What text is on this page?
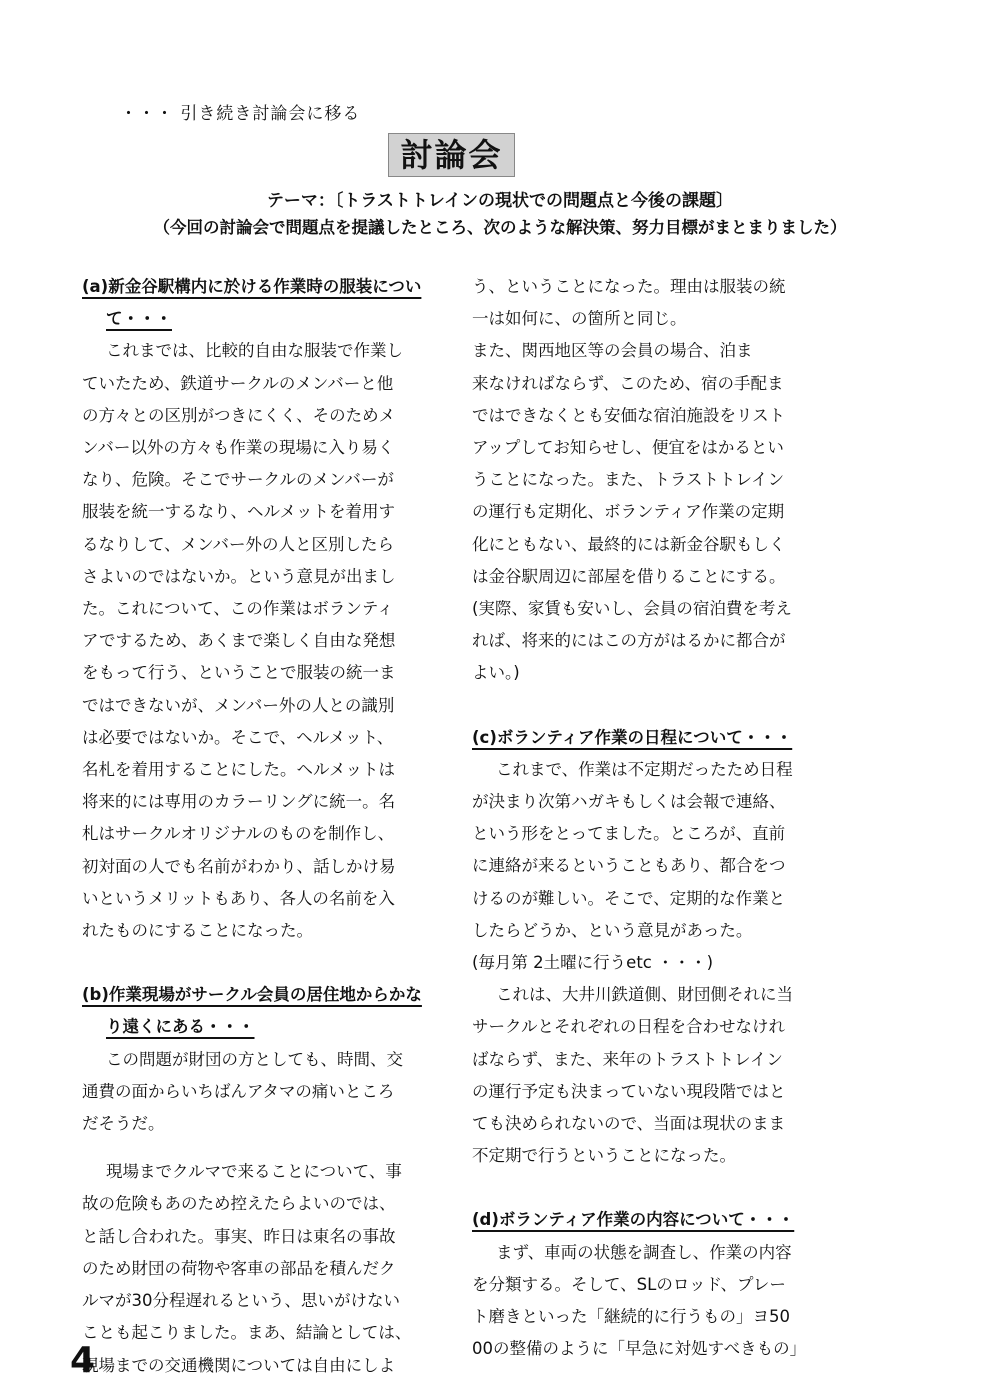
・・・ 引き続き討論会に移る
討論会
テーマ：〔トラストトレインの現状での問題点と今後の課題〕
（今回の討論会で問題点を提議したところ、次のような解決策、努力目標がまとまりました）
(a)新金谷駅構内に於ける作業時の服装につい
て・・・
これまでは、比較的自由な服装で作業し
ていたため、鉄道サークルのメンバーと他
の方々との区別がつきにくく、そのためメ
ンバー以外の方々も作業の現場に入り易く
なり、危険。そこでサークルのメンバーが
服装を統一するなり、ヘルメットを着用す
るなりして、メンバー外の人と区別したら
さよいのではないか。という意見が出まし
た。これについて、この作業はボランティ
アでするため、あくまで楽しく自由な発想
をもって行う、ということで服装の統一ま
ではできないが、メンバー外の人との識別
は必要ではないか。そこで、ヘルメット、
名札を着用することにした。ヘルメットは
将来的には専用のカラーリングに統一。名
札はサークルオリジナルのものを制作し、
初対面の人でも名前がわかり、話しかけ易
いというメリットもあり、各人の名前を入
れたものにすることになった。
(b)作業現場がサークル会員の居住地からかな
り遠くにある・・・
この問題が財団の方としても、時間、交
通費の面からいちばんアタマの痛いところ
だそうだ。
現場までクルマで来ることについて、事
故の危険もあのため控えたらよいのでは、
と話し合われた。事実、昨日は東名の事故
のため財団の荷物や客車の部品を積んだク
ルマが30分程遅れるという、思いがけない
ことも起こりました。まあ、結論としては、
現場までの交通機関については自由にしよ
う、ということになった。理由は服装の統
一は如何に、の箇所と同じ。
また、関西地区等の会員の場合、泊ま
来なければならず、このため、宿の手配ま
ではできなくとも安価な宿泊施設をリスト
アップしてお知らせし、便宜をはかるとい
うことになった。また、トラストトレイン
の運行も定期化、ボランティア作業の定期
化にともない、最終的には新金谷駅もしく
は金谷駅周辺に部屋を借りることにする。
(実際、家賃も安いし、会員の宿泊費を考え
れば、将来的にはこの方がはるかに都合が
よい。)
(c)ボランティア作業の日程について・・・
これまで、作業は不定期だったため日程
が決まり次第ハガキもしくは会報で連絡、
という形をとってました。ところが、直前
に連絡が来るということもあり、都合をつ
けるのが難しい。そこで、定期的な作業と
したらどうか、という意見があった。
(毎月第 2土曜に行うetc ・・・)
これは、大井川鉄道側、財団側それに当
サークルとそれぞれの日程を合わせなけれ
ばならず、また、来年のトラストトレイン
の運行予定も決まっていない現段階ではと
ても決められないので、当面は現状のまま
不定期で行うということになった。
(d)ボランティア作業の内容について・・・
まず、車両の状態を調査し、作業の内容
を分類する。そして、SLのロッド、プレー
ト磨きといった「継続的に行うもの」ヨ50
00の整備のように「早急に対処すべきもの」
4
